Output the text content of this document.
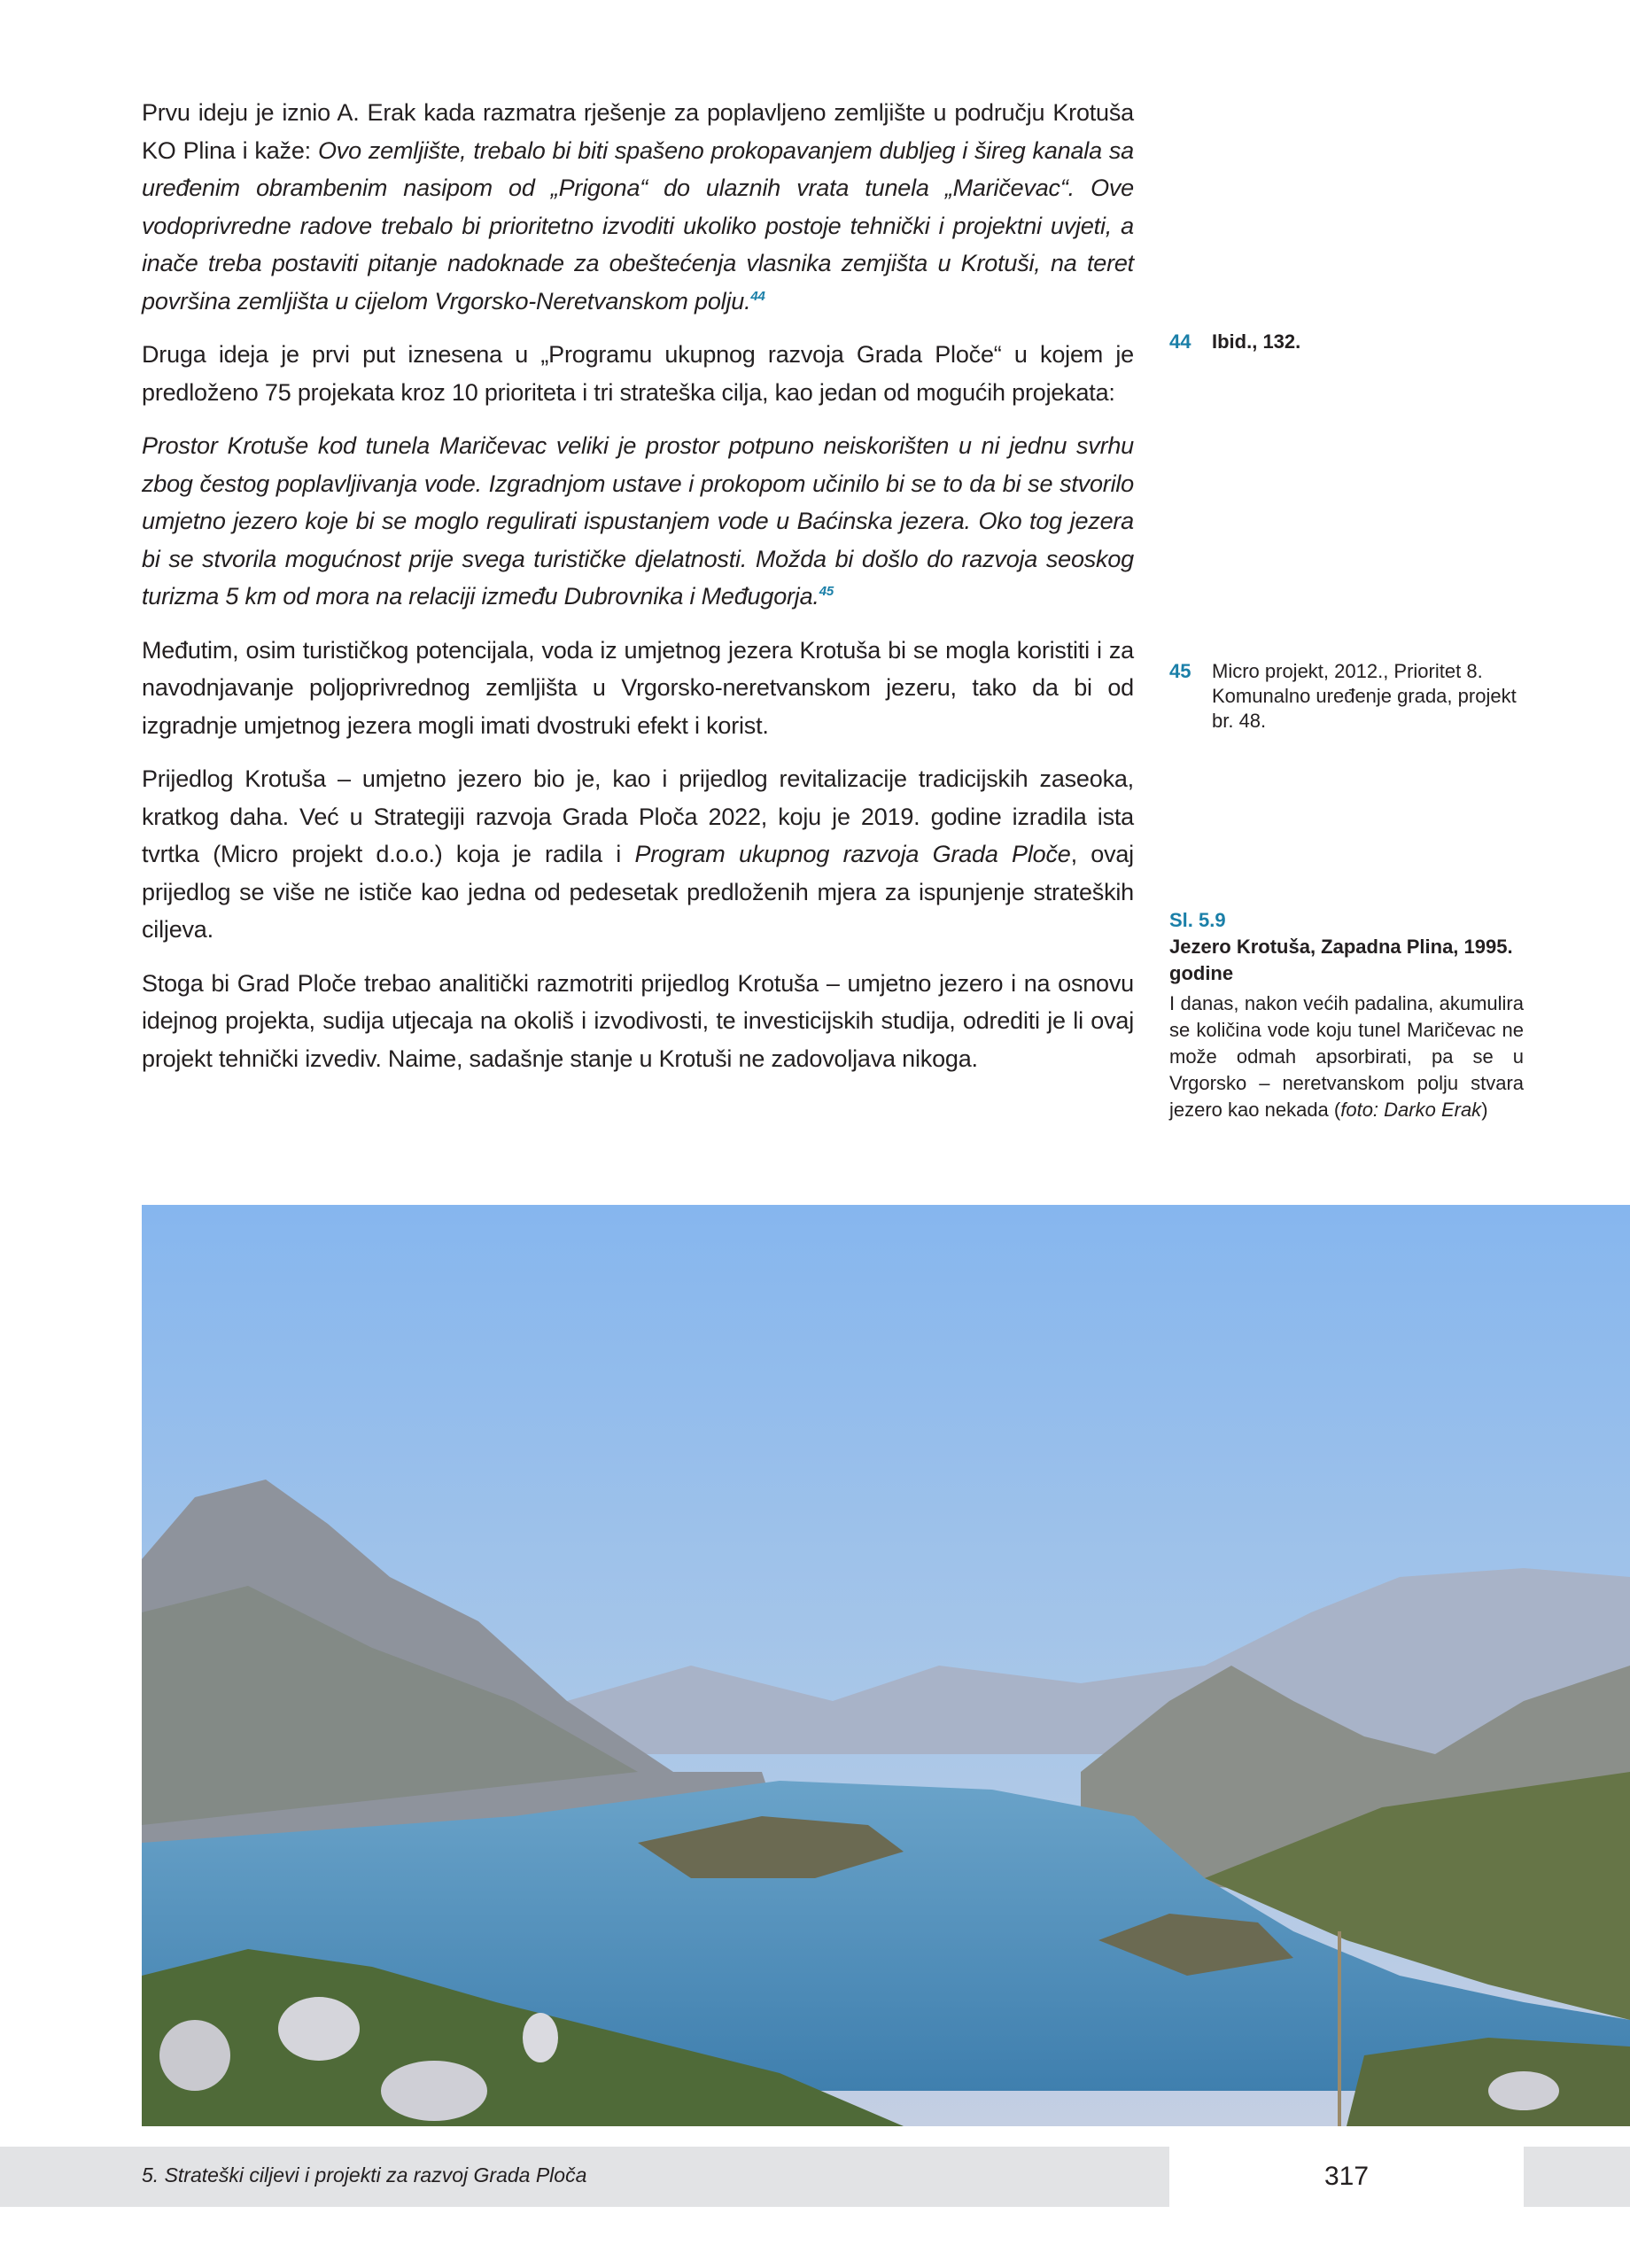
Prvu ideju je iznio A. Erak kada razmatra rješenje za poplavljeno zemljište u području Krotuša KO Plina i kaže: Ovo zemljište, trebalo bi biti spašeno prokopavanjem dubljeg i šireg kanala sa uređenim obrambenim nasipom od „Prigona“ do ulaznih vrata tunela „Maričevac“. Ove vodoprivredne radove trebalo bi prioritetno izvoditi ukoliko postoje tehnički i projektni uvjeti, a inače treba postaviti pitanje nadoknade za obeštećenja vlasnika zemjišta u Krotuši, na teret površina zemljišta u cijelom Vrgorsko-Neretvanskom polju.$^{44}$

Druga ideja je prvi put iznesena u „Programu ukupnog razvoja Grada Ploče“ u kojem je predloženo 75 projekata kroz 10 prioriteta i tri strateška cilja, kao jedan od mogućih projekata:

Prostor Krotuše kod tunela Maričevac veliki je prostor potpuno neiskorišten u ni jednu svrhu zbog čestog poplavljivanja vode. Izgradnjom ustave i prokopom učinilo bi se to da bi se stvorilo umjetno jezero koje bi se moglo regulirati ispustanjem vode u Baćinska jezera. Oko tog jezera bi se stvorila mogućnost prije svega turističke djelatnosti. Možda bi došlo do razvoja seoskog turizma 5 km od mora na relaciji između Dubrovnika i Međugorja.$^{45}$

Međutim, osim turističkog potencijala, voda iz umjetnog jezera Krotuša bi se mogla koristiti i za navodnjavanje poljoprivrednog zemljišta u Vrgorsko-neretvanskom jezeru, tako da bi od izgradnje umjetnog jezera mogli imati dvostruki efekt i korist.

Prijedlog Krotuša – umjetno jezero bio je, kao i prijedlog revitalizacije tradicijskih zaseoka, kratkog daha. Već u Strategiji razvoja Grada Ploča 2022, koju je 2019. godine izradila ista tvrtka (Micro projekt d.o.o.) koja je radila i Program ukupnog razvoja Grada Ploče, ovaj prijedlog se više ne ističe kao jedna od pedesetak predloženih mjera za ispunjenje strateških ciljeva.

Stoga bi Grad Ploče trebao analitički razmotriti prijedlog Krotuša – umjetno jezero i na osnovu idejnog projekta, sudija utjecaja na okoliš i izvodivosti, te investicijskih studija, odrediti je li ovaj projekt tehnički izvediv. Naime, sadašnje stanje u Krotuši ne zadovoljava nikoga.

44	Ibid., 132.
45	Micro projekt, 2012., Prioritet 8. Komunalno uređenje grada, projekt br. 48.
Sl. 5.9
Jezero Krotuša, Zapadna Plina, 1995. godine
I danas, nakon većih padalina, akumulira se količina vode koju tunel Maričevac ne može odmah apsorbirati, pa se u Vrgorsko – neretvanskom polju stvara jezero kao nekada (foto: Darko Erak)
5. Strateški ciljevi i projekti za razvoj Grada Ploča	317
